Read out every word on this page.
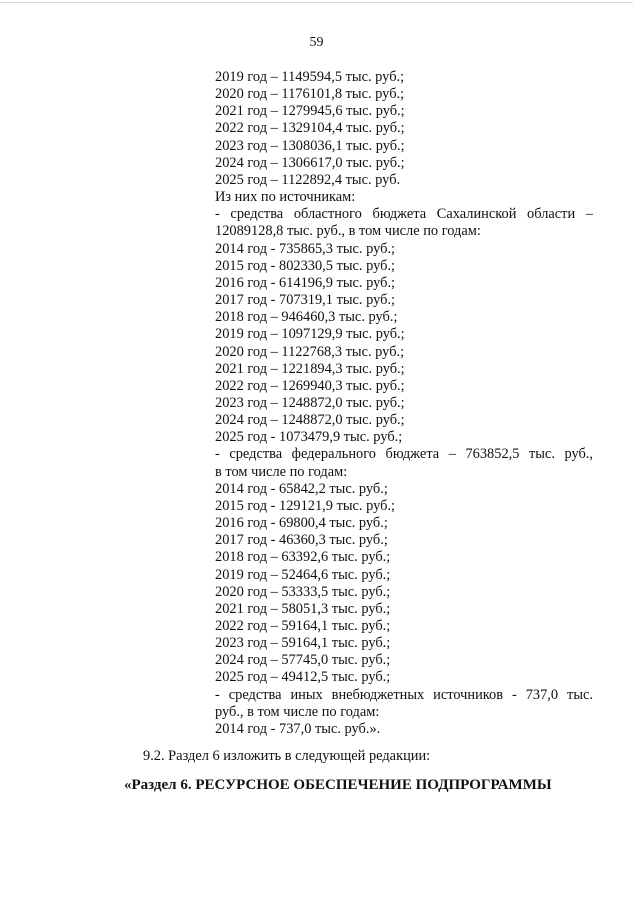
59
2019 год – 1149594,5 тыс. руб.;
2020 год – 1176101,8 тыс. руб.;
2021 год – 1279945,6 тыс. руб.;
2022 год – 1329104,4 тыс. руб.;
2023 год – 1308036,1 тыс. руб.;
2024 год – 1306617,0 тыс. руб.;
2025 год – 1122892,4 тыс. руб.
Из них по источникам:
- средства областного бюджета Сахалинской области –
12089128,8 тыс. руб., в том числе по годам:
2014 год - 735865,3 тыс. руб.;
2015 год - 802330,5 тыс. руб.;
2016 год - 614196,9 тыс. руб.;
2017 год - 707319,1 тыс. руб.;
2018 год – 946460,3 тыс. руб.;
2019 год – 1097129,9 тыс. руб.;
2020 год – 1122768,3 тыс. руб.;
2021 год – 1221894,3 тыс. руб.;
2022 год – 1269940,3 тыс. руб.;
2023 год – 1248872,0 тыс. руб.;
2024 год – 1248872,0 тыс. руб.;
2025 год - 1073479,9 тыс. руб.;
- средства федерального бюджета – 763852,5 тыс. руб.,
в том числе по годам:
2014 год - 65842,2 тыс. руб.;
2015 год - 129121,9 тыс. руб.;
2016 год - 69800,4 тыс. руб.;
2017 год - 46360,3 тыс. руб.;
2018 год – 63392,6 тыс. руб.;
2019 год – 52464,6 тыс. руб.;
2020 год – 53333,5 тыс. руб.;
2021 год – 58051,3 тыс. руб.;
2022 год – 59164,1 тыс. руб.;
2023 год – 59164,1 тыс. руб.;
2024 год – 57745,0 тыс. руб.;
2025 год – 49412,5 тыс. руб.;
- средства иных внебюджетных источников - 737,0 тыс.
руб., в том числе по годам:
2014 год - 737,0 тыс. руб.».
9.2. Раздел 6 изложить в следующей редакции:
«Раздел 6. РЕСУРСНОЕ ОБЕСПЕЧЕНИЕ ПОДПРОГРАММЫ
